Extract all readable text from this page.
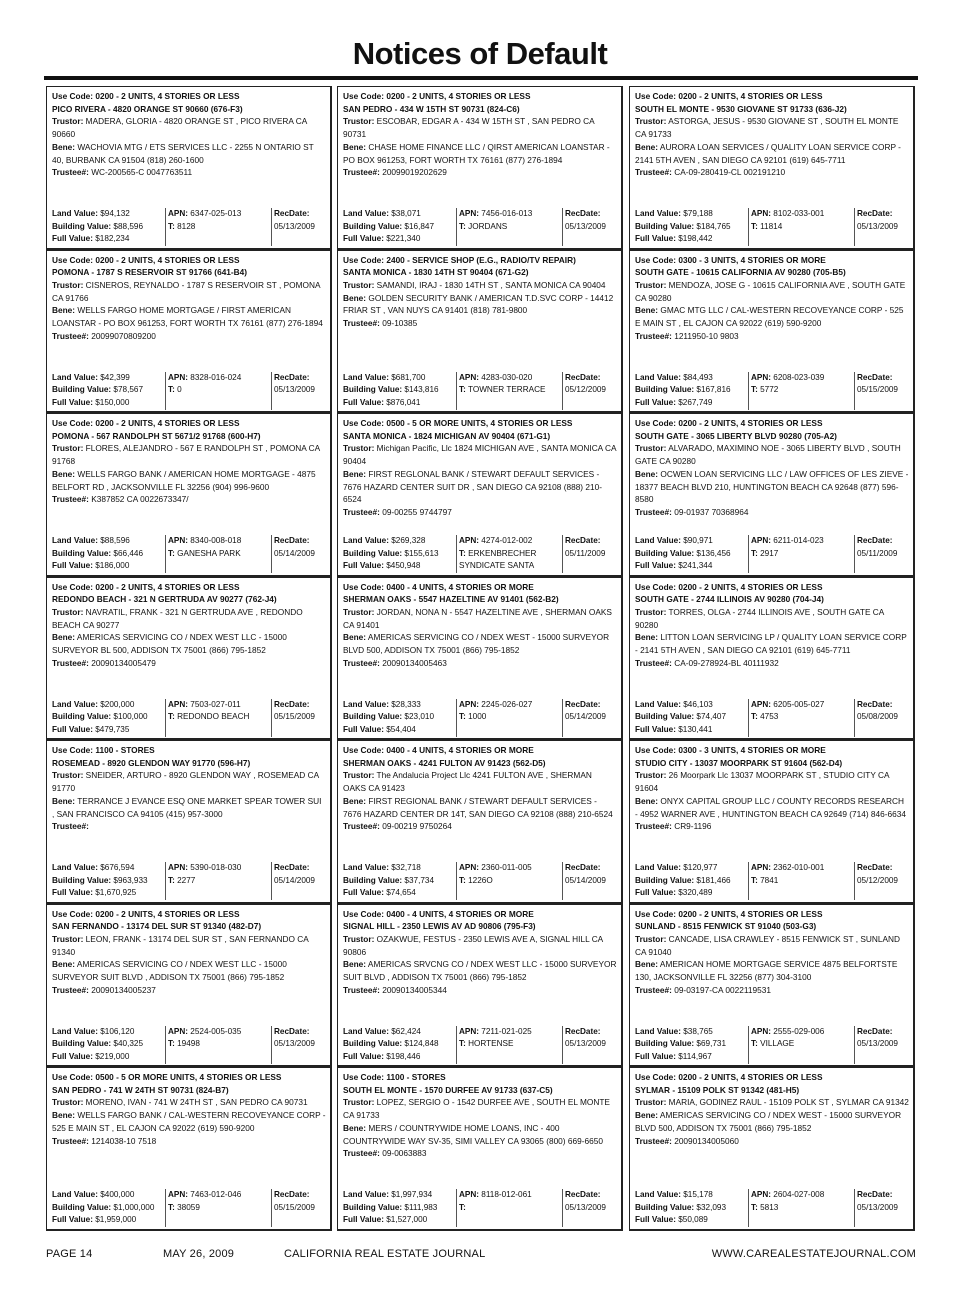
Notices of Default
Use Code: 0200 - 2 UNITS, 4 STORIES OR LESS
PICO RIVERA - 4820 ORANGE ST 90660 (676-F3)
Trustor: MADERA, GLORIA - 4820 ORANGE ST , PICO RIVERA CA 90660
Bene: WACHOVIA MTG / ETS SERVICES LLC - 2255 N ONTARIO ST 40, BURBANK CA 91504 (818) 260-1600
Trustee#: WC-200565-C 0047763511
Land Value: $94,132
Building Value: $88,596
Full Value: $182,234
APN: 6347-025-013
T: 8128
RecDate:
05/13/2009
Use Code: 0200 - 2 UNITS, 4 STORIES OR LESS
POMONA - 1787 S RESERVOIR ST 91766 (641-B4)
Trustor: CISNEROS, REYNALDO - 1787 S RESERVOIR ST , POMONA CA 91766
Bene: WELLS FARGO HOME MORTGAGE / FIRST AMERICAN LOANSTAR - PO BOX 961253, FORT WORTH TX 76161 (877) 276-1894
Trustee#: 20099070809200
Land Value: $42,399
Building Value: $78,567
Full Value: $150,000
APN: 8328-016-024
T: 0
RecDate:
05/13/2009
Use Code: 0200 - 2 UNITS, 4 STORIES OR LESS
POMONA - 567 RANDOLPH ST 5671/2 91768 (600-H7)
Trustor: FLORES, ALEJANDRO - 567 E RANDOLPH ST , POMONA CA 91768
Bene: WELLS FARGO BANK / AMERICAN HOME MORTGAGE - 4875 BELFORT RD , JACKSONVILLE FL 32256 (904) 996-9600
Trustee#: K387852 CA 0022673347/
Land Value: $88,596
Building Value: $66,446
Full Value: $186,000
APN: 8340-008-018
T: GANESHA PARK
RecDate:
05/14/2009
Use Code: 0200 - 2 UNITS, 4 STORIES OR LESS
REDONDO BEACH - 321 N GERTRUDA AV 90277 (762-J4)
Trustor: NAVRATIL, FRANK - 321 N GERTRUDA AVE , REDONDO BEACH CA 90277
Bene: AMERICAS SERVICING CO / NDEX WEST LLC - 15000 SURVEYOR BL 500, ADDISON TX 75001 (866) 795-1852
Trustee#: 20090134005479
Land Value: $200,000
Building Value: $100,000
Full Value: $479,735
APN: 7503-027-011
T: REDONDO BEACH
RecDate:
05/15/2009
Use Code: 1100 - STORES
ROSEMEAD - 8920 GLENDON WAY 91770 (596-H7)
Trustor: SNEIDER, ARTURO - 8920 GLENDON WAY , ROSEMEAD CA 91770
Bene: TERRANCE J EVANCE ESQ ONE MARKET SPEAR TOWER SUI , SAN FRANCISCO CA 94105 (415) 957-3000
Trustee#:
Land Value: $676,594
Building Value: $963,933
Full Value: $1,670,925
APN: 5390-018-030
T: 2277
RecDate:
05/14/2009
Use Code: 0200 - 2 UNITS, 4 STORIES OR LESS
SAN FERNANDO - 13174 DEL SUR ST 91340 (482-D7)
Trustor: LEON, FRANK - 13174 DEL SUR ST , SAN FERNANDO CA 91340
Bene: AMERICAS SERVICING CO / NDEX WEST LLC - 15000 SURVEYOR SUIT BLVD , ADDISON TX 75001 (866) 795-1852
Trustee#: 20090134005237
Land Value: $106,120
Building Value: $40,325
Full Value: $219,000
APN: 2524-005-035
T: 19498
RecDate:
05/13/2009
Use Code: 0500 - 5 OR MORE UNITS, 4 STORIES OR LESS
SAN PEDRO - 741 W 24TH ST 90731 (824-B7)
Trustor: MORENO, IVAN - 741 W 24TH ST , SAN PEDRO CA 90731
Bene: WELLS FARGO BANK / CAL-WESTERN RECOVEYANCE CORP - 525 E MAIN ST , EL CAJON CA 92022 (619) 590-9200
Trustee#: 1214038-10 7518
Land Value: $400,000
Building Value: $1,000,000
Full Value: $1,959,000
APN: 7463-012-046
T: 38059
RecDate:
05/15/2009
Use Code: 0200 - 2 UNITS, 4 STORIES OR LESS
SAN PEDRO - 434 W 15TH ST 90731 (824-C6)
Trustor: ESCOBAR, EDGAR A - 434 W 15TH ST , SAN PEDRO CA 90731
Bene: CHASE HOME FINANCE LLC / QIRST AMERICAN LOANSTAR - PO BOX 961253, FORT WORTH TX 76161 (877) 276-1894
Trustee#: 20099019202629
Land Value: $38,071
Building Value: $16,847
Full Value: $221,340
APN: 7456-016-013
T: JORDANS
RecDate:
05/13/2009
Use Code: 2400 - SERVICE SHOP (E.G., RADIO/TV REPAIR)
SANTA MONICA - 1830 14TH ST 90404 (671-G2)
Trustor: SAMANDI, IRAJ - 1830 14TH ST , SANTA MONICA CA 90404
Bene: GOLDEN SECURITY BANK / AMERICAN T.D.SVC CORP - 14412 FRIAR ST , VAN NUYS CA 91401 (818) 781-9800
Trustee#: 09-10385
Land Value: $681,700
Building Value: $143,816
Full Value: $876,041
APN: 4283-030-020
T: TOWNER TERRACE
RecDate:
05/12/2009
Use Code: 0500 - 5 OR MORE UNITS, 4 STORIES OR LESS
SANTA MONICA - 1824 MICHIGAN AV 90404 (671-G1)
Trustor: Michigan Pacific, Llc 1824 MICHIGAN AVE , SANTA MONICA CA 90404
Bene: FIRST REGLONAL BANK / STEWART DEFAULT SERVICES - 7676 HAZARD CENTER SUIT DR , SAN DIEGO CA 92108 (888) 210-6524
Trustee#: 09-00255 9744797
Land Value: $269,328
Building Value: $155,613
Full Value: $450,948
APN: 4274-012-002
T: ERKENBRECHER SYNDICATE SANTA
RecDate:
05/11/2009
Use Code: 0400 - 4 UNITS, 4 STORIES OR MORE
SHERMAN OAKS - 5547 HAZELTINE AV 91401 (562-B2)
Trustor: JORDAN, NONA N - 5547 HAZELTINE AVE , SHERMAN OAKS CA 91401
Bene: AMERICAS SERVICING CO / NDEX WEST - 15000 SURVEYOR BLVD 500, ADDISON TX 75001 (866) 795-1852
Trustee#: 20090134005463
Land Value: $28,333
Building Value: $23,010
Full Value: $54,404
APN: 2245-026-027
T: 1000
RecDate:
05/14/2009
Use Code: 0400 - 4 UNITS, 4 STORIES OR MORE
SHERMAN OAKS - 4241 FULTON AV 91423 (562-D5)
Trustor: The Andalucia Project Llc 4241 FULTON AVE , SHERMAN OAKS CA 91423
Bene: FIRST REGIONAL BANK / STEWART DEFAULT SERVICES - 7676 HAZARD CENTER DR 14T, SAN DIEGO CA 92108 (888) 210-6524
Trustee#: 09-00219 9750264
Land Value: $32,718
Building Value: $37,734
Full Value: $74,654
APN: 2360-011-005
T: 1226O
RecDate:
05/14/2009
Use Code: 0400 - 4 UNITS, 4 STORIES OR MORE
SIGNAL HILL - 2350 LEWIS AV AD 90806 (795-F3)
Trustor: OZAKWUE, FESTUS - 2350 LEWIS AVE A, SIGNAL HILL CA 90806
Bene: AMERICAS SRVCNG CO / NDEX WEST LLC - 15000 SURVEYOR SUIT BLVD , ADDISON TX 75001 (866) 795-1852
Trustee#: 20090134005344
Land Value: $62,424
Building Value: $124,848
Full Value: $198,446
APN: 7211-021-025
T: HORTENSE
RecDate:
05/13/2009
Use Code: 1100 - STORES
SOUTH EL MONTE - 1570 DURFEE AV 91733 (637-C5)
Trustor: LOPEZ, SERGIO O - 1542 DURFEE AVE , SOUTH EL MONTE CA 91733
Bene: MERS / COUNTRYWIDE HOME LOANS, INC - 400 COUNTRYWIDE WAY SV-35, SIMI VALLEY CA 93065 (800) 669-6650
Trustee#: 09-0063883
Land Value: $1,997,934
Building Value: $111,983
Full Value: $1,527,000
APN: 8118-012-061
T:
RecDate:
05/13/2009
Use Code: 0200 - 2 UNITS, 4 STORIES OR LESS
SOUTH EL MONTE - 9530 GIOVANE ST 91733 (636-J2)
Trustor: ASTORGA, JESUS - 9530 GIOVANE ST , SOUTH EL MONTE CA 91733
Bene: AURORA LOAN SERVICES / QUALITY LOAN SERVICE CORP - 2141 5TH AVEN , SAN DIEGO CA 92101 (619) 645-7711
Trustee#: CA-09-280419-CL 002191210
Land Value: $79,188
Building Value: $184,765
Full Value: $198,442
APN: 8102-033-001
T: 11814
RecDate:
05/13/2009
Use Code: 0300 - 3 UNITS, 4 STORIES OR MORE
SOUTH GATE - 10615 CALIFORNIA AV 90280 (705-B5)
Trustor: MENDOZA, JOSE G - 10615 CALIFORNIA AVE , SOUTH GATE CA 90280
Bene: GMAC MTG LLC / CAL-WESTERN RECOVEYANCE CORP - 525 E MAIN ST , EL CAJON CA 92022 (619) 590-9200
Trustee#: 1211950-10 9803
Land Value: $84,493
Building Value: $167,816
Full Value: $267,749
APN: 6208-023-039
T: 5772
RecDate:
05/15/2009
Use Code: 0200 - 2 UNITS, 4 STORIES OR LESS
SOUTH GATE - 3065 LIBERTY BLVD 90280 (705-A2)
Trustor: ALVARADO, MAXIMINO NOE - 3065 LIBERTY BLVD , SOUTH GATE CA 90280
Bene: OCWEN LOAN SERVICING LLC / LAW OFFICES OF LES ZIEVE - 18377 BEACH BLVD 210, HUNTINGTON BEACH CA 92648 (877) 596-8580
Trustee#: 09-01937 70368964
Land Value: $90,971
Building Value: $136,456
Full Value: $241,344
APN: 6211-014-023
T: 2917
RecDate:
05/11/2009
Use Code: 0200 - 2 UNITS, 4 STORIES OR LESS
SOUTH GATE - 2744 ILLINOIS AV 90280 (704-J4)
Trustor: TORRES, OLGA - 2744 ILLINOIS AVE , SOUTH GATE CA 90280
Bene: LITTON LOAN SERVICING LP / QUALITY LOAN SERVICE CORP - 2141 5TH AVEN , SAN DIEGO CA 92101 (619) 645-7711
Trustee#: CA-09-278924-BL 40111932
Land Value: $46,103
Building Value: $74,407
Full Value: $130,441
APN: 6205-005-027
T: 4753
RecDate:
05/08/2009
Use Code: 0300 - 3 UNITS, 4 STORIES OR MORE
STUDIO CITY - 13037 MOORPARK ST 91604 (562-D4)
Trustor: 26 Moorpark Llc 13037 MOORPARK ST , STUDIO CITY CA 91604
Bene: ONYX CAPITAL GROUP LLC / COUNTY RECORDS RESEARCH - 4952 WARNER AVE , HUNTINGTON BEACH CA 92649 (714) 846-6634
Trustee#: CR9-1196
Land Value: $120,977
Building Value: $181,466
Full Value: $320,489
APN: 2362-010-001
T: 7841
RecDate:
05/12/2009
Use Code: 0200 - 2 UNITS, 4 STORIES OR LESS
SUNLAND - 8515 FENWICK ST 91040 (503-G3)
Trustor: CANCADE, LISA CRAWLEY - 8515 FENWICK ST , SUNLAND CA 91040
Bene: AMERICAN HOME MORTGAGE SERVICE 4875 BELFORTSTE 130, JACKSONVILLE FL 32256 (877) 304-3100
Trustee#: 09-03197-CA 0022119531
Land Value: $38,765
Building Value: $69,731
Full Value: $114,967
APN: 2555-029-006
T: VILLAGE
RecDate:
05/13/2009
Use Code: 0200 - 2 UNITS, 4 STORIES OR LESS
SYLMAR - 15109 POLK ST 91342 (481-H5)
Trustor: MARIA, GODINEZ RAUL - 15109 POLK ST , SYLMAR CA 91342
Bene: AMERICAS SERVICING CO / NDEX WEST - 15000 SURVEYOR BLVD 500, ADDISON TX 75001 (866) 795-1852
Trustee#: 20090134005060
Land Value: $15,178
Building Value: $32,093
Full Value: $50,089
APN: 2604-027-008
T: 5813
RecDate:
05/13/2009
PAGE 14	MAY 26, 2009	CALIFORNIA REAL ESTATE JOURNAL	WWW.CAREALESTATEJOURNAL.COM
